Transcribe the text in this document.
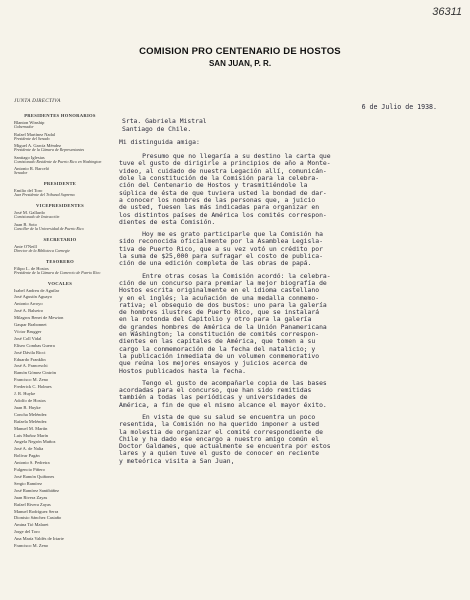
36311
COMISION PRO CENTENARIO DE HOSTOS
SAN JUAN, P. R.
JUNTA DIRECTIVA
PRESIDENTES HONORARIOS
Blanton Winship
Gobernador
Rafael Martínez Nadal
Presidente del Senado
Miguel A. García Méndez
Presidente de la Cámara de Representantes
Santiago Iglesias
Comisionado Residente de Puerto Rico en Washington
Antonio R. Barceló
Senador
PRESIDENTE
Emilio del Toro
Juez Presidente del Tribunal Supremo
VICEPRESIDENTES
José M. Gallardo
Comisionado de Instrucción
Juan B. Soto
Canciller de la Universidad de Puerto Rico
SECRETARIO
Ante O'Neill
Director de la Biblioteca Carnegie
TESORERO
Filipo L. de Hostos
Presidente de la Cámara de Comercio de Puerto Rico
VOCALES
Isabel Andreu de Aguilar
José Agustín Aguayo
Antonio Arroyo
José A. Balseiro
Milagros Benet de Mewton
Gaspar Brabonnet
Víctor Brugger
José Coll Vidal
Elíseo Combas Guerra
José Dávila Ricci
Eduardo Franklin
José A. Franceschi
Ramón Gómez Cintrón
Francisco M. Zeno
Frederick C. Holmes
J. R. Huyke
Adolfo de Hostos
Juan B. Huyke
Concha Meléndez
Rafaela Meléndez
Manuel M. Martín
Luis Muñoz Marín
Angela Negrón Muñoz
José A. de Nalia
Bolívar Pagán
Antonio S. Pedreira
Fulgencio Piñero
José Ramón Quiñones
Sergio Ramírez
José Ramírez Santibáñez
Juan Rivera Zayas
Rafael Rivera Zayas
Manuel Rodríguez Serra
Dionisio Sánchez Castaño
Amina Tió Malaret
Jorge del Toro
Ana María Valdés de Iriarte
Francisco M. Zeno
6 de Julio de 1938.
Srta. Gabriela Mistral
Santiago de Chile.
Mi distinguida amiga:

Presumo que no llegaría a su destino la carta que
tuve el gusto de dirigirle a principios de año a Monte-
video, al cuidado de nuestra Legación allí, comunicán-
dole la constitución de la Comisión para la celebra-
ción del Centenario de Hostos y trasmitiéndole la
súplica de ésta de que tuviera usted la bondad de dar-
a conocer los nombres de las personas que, a juicio
de usted, fuesen las más indicadas para organizar en
los distintos países de América los comités correspon-
dientes de esta Comisión.

Hoy me es grato participarle que la Comisión ha
sido reconocida oficialmente por la Asamblea Legisla-
tiva de Puerto Rico, que a su vez votó un crédito por
la suma de $25,000 para sufragar el costo de publica-
ción de una edición completa de las obras de papá.

Entre otras cosas la Comisión acordó: la celebra-
ción de un concurso para premiar la mejor biografía de
Hostos escrita originalmente en el idioma castellano
y en el inglés; la acuñación de una medalla conmemo-
rativa; el obsequio de dos bustos: uno para la galería
de hombres ilustres de Puerto Rico, que se instalará
en la rotonda del Capitolio y otro para la galería
de grandes hombres de América de la Unión Panamericana
en Wáshington; la constitución de comités correspon-
dientes en las capitales de América, que tomen a su
cargo la conmemoración de la fecha del natalicio; y
la publicación inmediata de un volumen conmemorativo
que reúna los mejores ensayos y juicios acerca de
Hostos publicados hasta la fecha.

Tengo el gusto de acompañarle copia de las bases
acordadas para el concurso, que han sido remitidas
también a todas las periódicas y universidades de
América, a fin de que el mismo alcance el mayor éxito.

En vista de que su salud se encuentra un poco
resentida, la Comisión no ha querido imponer a usted
la molestia de organizar el comité correspondiente de
Chile y ha dado ese encargo a nuestro amigo común el
Doctor Galdames, que actualmente se encuentra por estos
lares y a quien tuve el gusto de conocer en reciente
y meteórica visita a San Juan,
